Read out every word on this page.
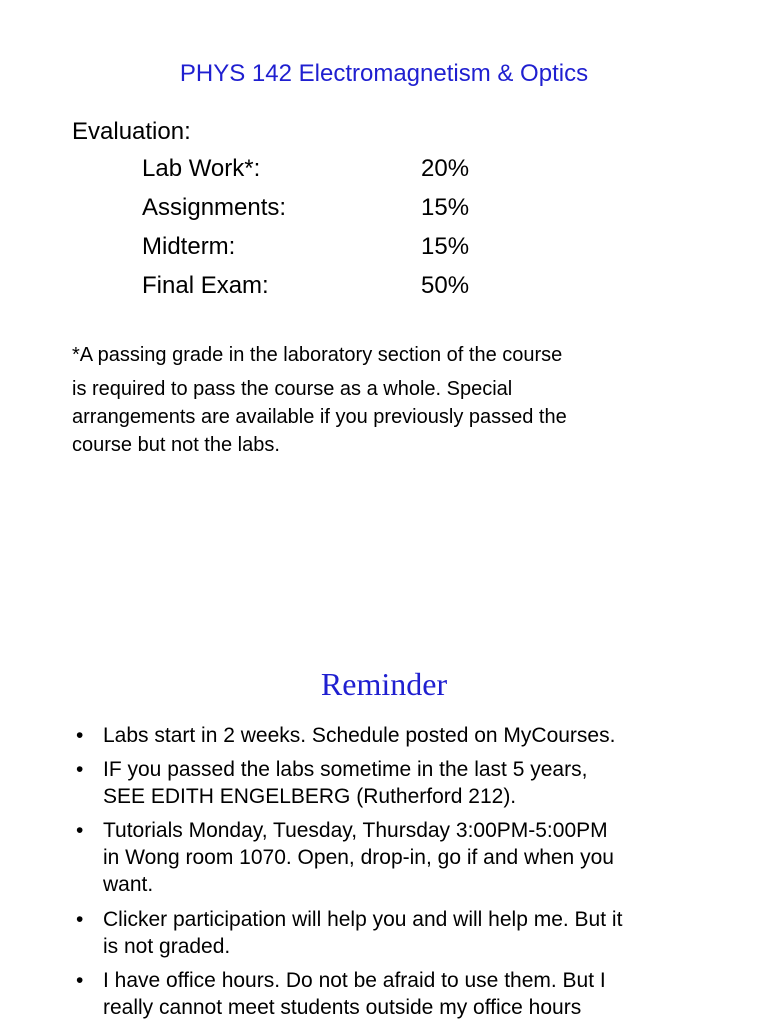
PHYS 142 Electromagnetism & Optics
Evaluation:
Lab Work*:	20%
Assignments:	15%
Midterm:	15%
Final Exam:	50%
*A passing grade in the laboratory section of the course
is required to pass the course as a whole. Special
arrangements are available if you previously passed the
course but not the labs.
Reminder
• Labs start in 2 weeks. Schedule posted on MyCourses.
• IF you passed the labs sometime in the last 5 years,
SEE EDITH ENGELBERG (Rutherford 212).
• Tutorials Monday, Tuesday, Thursday 3:00PM-5:00PM
in Wong room 1070. Open, drop-in, go if and when you
want.
• Clicker participation will help you and will help me. But it
is not graded.
• I have office hours. Do not be afraid to use them. But I
really cannot meet students outside my office hours
